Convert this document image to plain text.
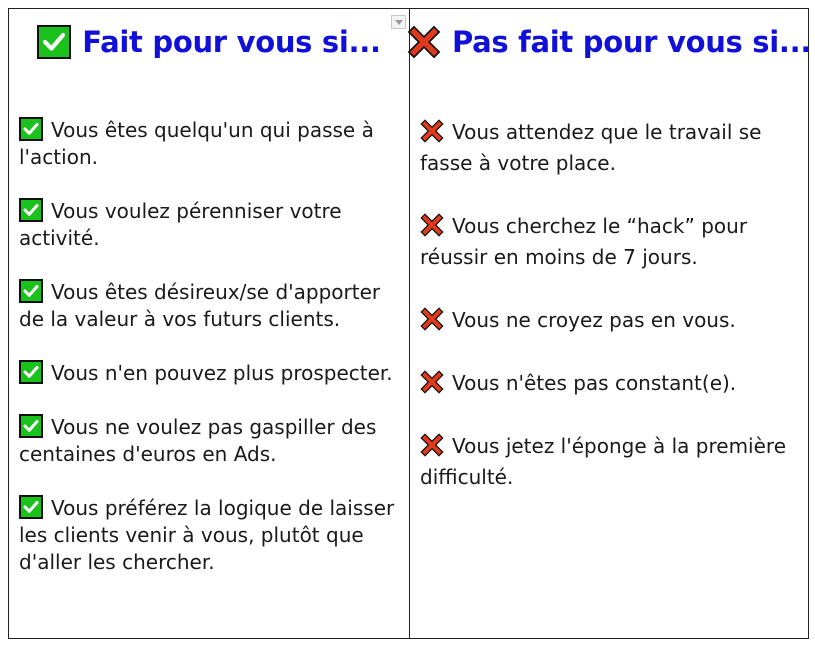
Fait pour vous si...

Vous êtes quelqu'un qui passe à l'action.

Vous voulez pérenniser votre activité.

Vous êtes désireux/se d'apporter de la valeur à vos futurs clients.

Vous n'en pouvez plus prospecter.

Vous ne voulez pas gaspiller des centaines d'euros en Ads.

Vous préférez la logique de laisser les clients venir à vous, plutôt que d'aller les chercher.

Pas fait pour vous si...

Vous attendez que le travail se fasse à votre place.

Vous cherchez le “hack” pour réussir en moins de 7 jours.

Vous ne croyez pas en vous.

Vous n'êtes pas constant(e).

Vous jetez l'éponge à la première difficulté.
